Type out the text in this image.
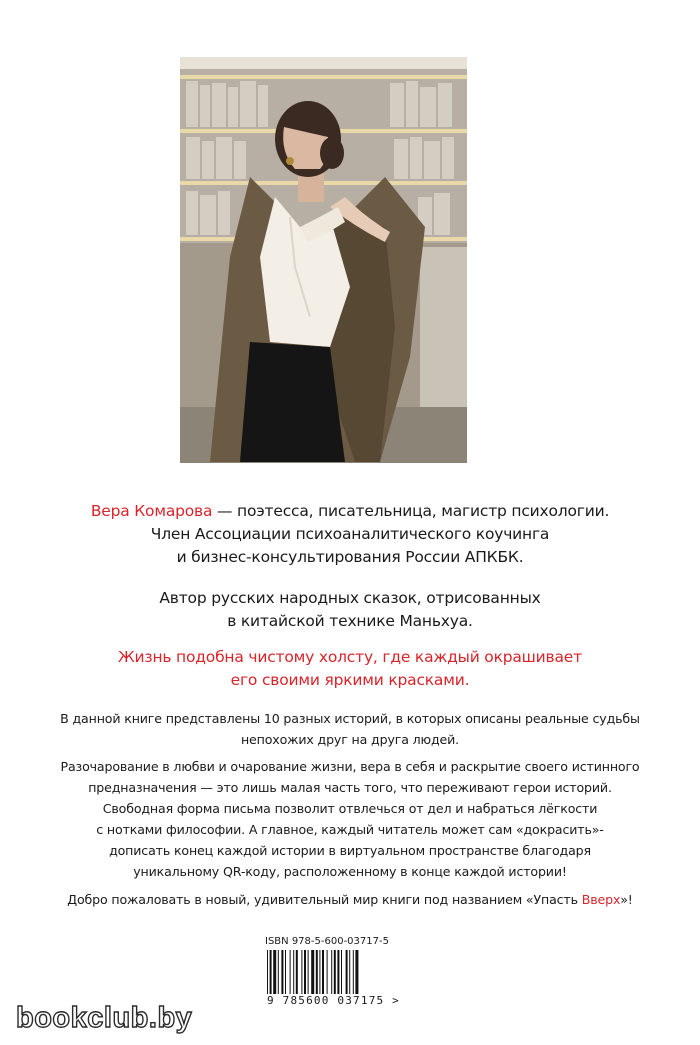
Вера Комарова — поэтесса, писательница, магистр психологии.
Член Ассоциации психоаналитического коучинга
и бизнес-консультирования России АПКБК.
Автор русских народных сказок, отрисованных
в китайской технике Маньхуа.
Жизнь подобна чистому холсту, где каждый окрашивает
его своими яркими красками.
В данной книге представлены 10 разных историй, в которых описаны реальные судьбы
непохожих друг на друга людей.
Разочарование в любви и очарование жизни, вера в себя и раскрытие своего истинного
предназначения — это лишь малая часть того, что переживают герои историй.
Свободная форма письма позволит отвлечься от дел и набраться лёгкости
с нотками философии. А главное, каждый читатель может сам «докрасить»-
дописать конец каждой истории в виртуальном пространстве благодаря
уникальному QR-коду, расположенному в конце каждой истории!
Добро пожаловать в новый, удивительный мир книги под названием «Упасть Вверх»!
ISBN 978-5-600-03717-5
9 785600 037175 >
bookclub.by
